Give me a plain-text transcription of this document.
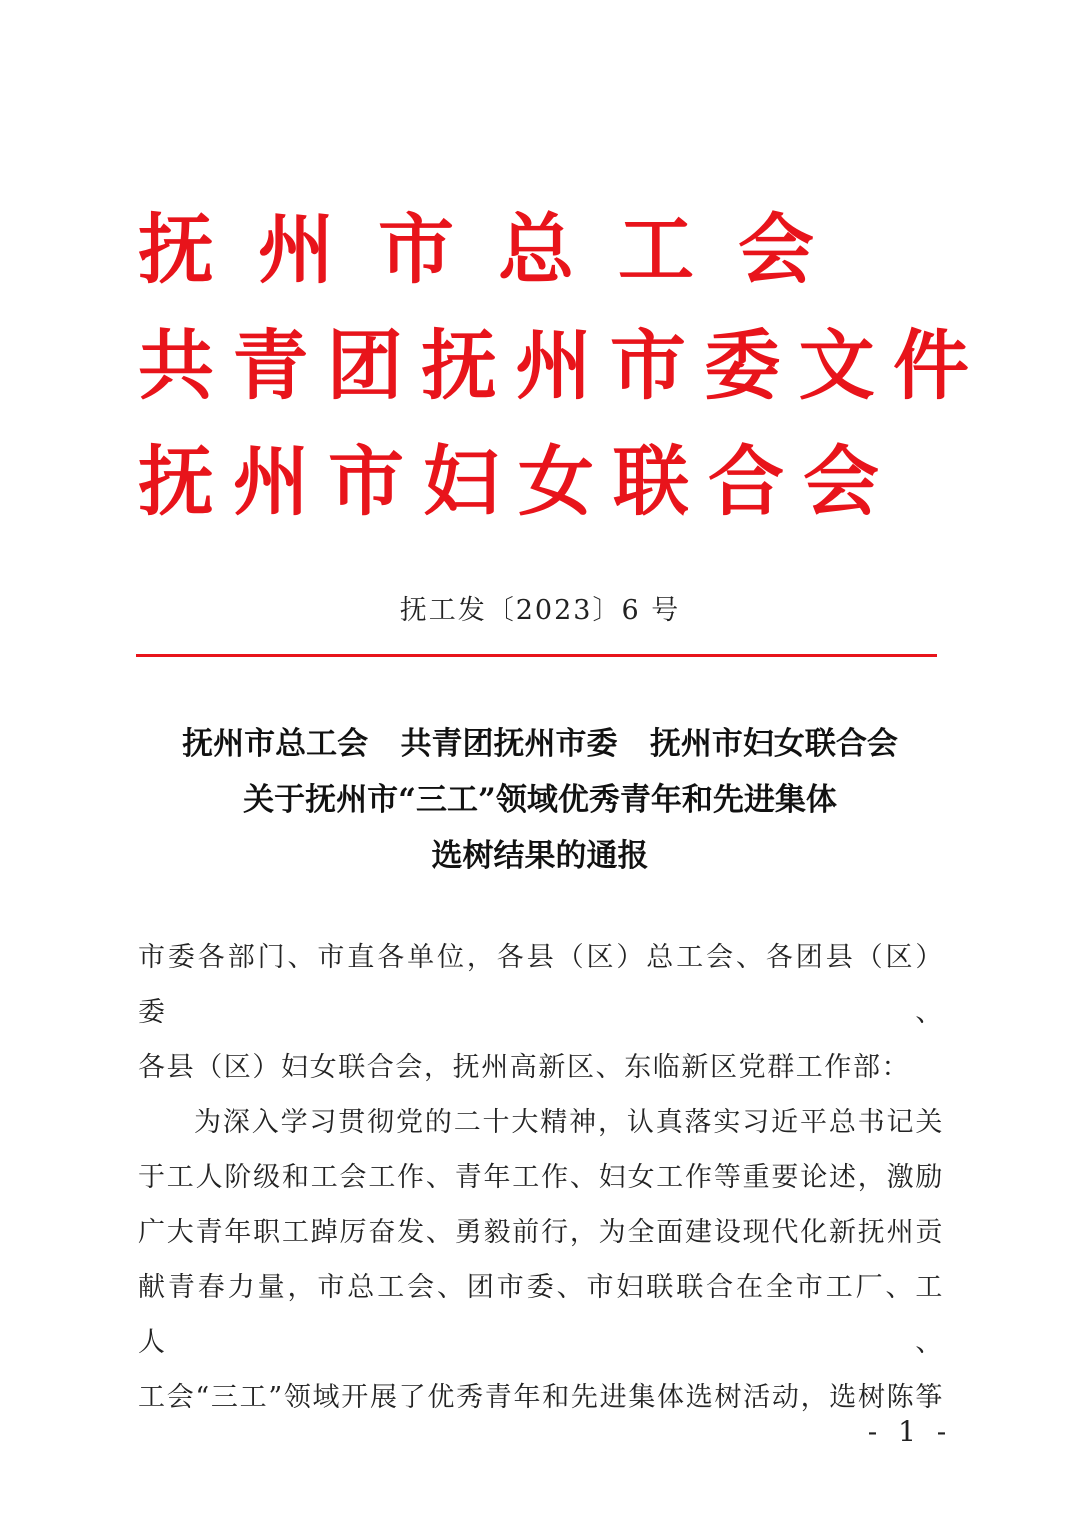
抚 州 市 总 工 会
共 青 团 抚 州 市 委 文 件
抚 州 市 妇 女 联 合 会
抚工发〔2023〕6 号
抚州市总工会   共青团抚州市委   抚州市妇女联合会
关于抚州市“三工”领域优秀青年和先进集体
选树结果的通报
市委各部门、市直各单位，各县（区）总工会、各团县（区）委、
各县（区）妇女联合会，抚州高新区、东临新区党群工作部：
为深入学习贯彻党的二十大精神，认真落实习近平总书记关
于工人阶级和工会工作、青年工作、妇女工作等重要论述，激励
广大青年职工踔厉奋发、勇毅前行，为全面建设现代化新抚州贡
献青春力量，市总工会、团市委、市妇联联合在全市工厂、工人、
工会“三工”领域开展了优秀青年和先进集体选树活动，选树陈筝
- 1 -
